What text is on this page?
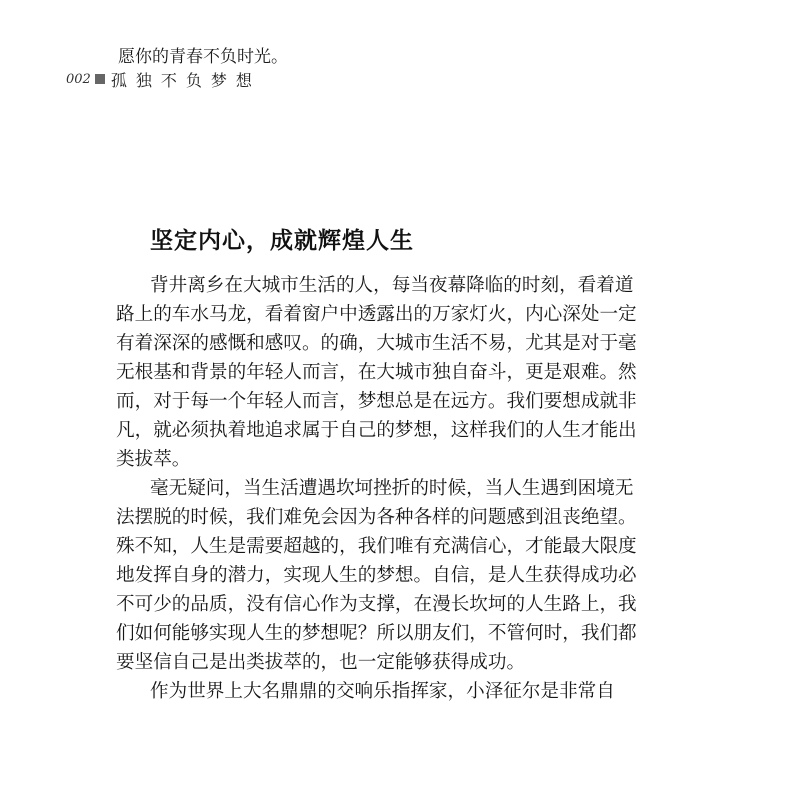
愿你的青春不负时光。
002 孤独不负梦想
坚定内心，成就辉煌人生
背井离乡在大城市生活的人，每当夜幕降临的时刻，看着道
路上的车水马龙，看着窗户中透露出的万家灯火，内心深处一定
有着深深的感慨和感叹。的确，大城市生活不易，尤其是对于毫
无根基和背景的年轻人而言，在大城市独自奋斗，更是艰难。然
而，对于每一个年轻人而言，梦想总是在远方。我们要想成就非
凡，就必须执着地追求属于自己的梦想，这样我们的人生才能出
类拔萃。
毫无疑问，当生活遭遇坎坷挫折的时候，当人生遇到困境无
法摆脱的时候，我们难免会因为各种各样的问题感到沮丧绝望。
殊不知，人生是需要超越的，我们唯有充满信心，才能最大限度
地发挥自身的潜力，实现人生的梦想。自信，是人生获得成功必
不可少的品质，没有信心作为支撑，在漫长坎坷的人生路上，我
们如何能够实现人生的梦想呢？所以朋友们，不管何时，我们都
要坚信自己是出类拔萃的，也一定能够获得成功。
作为世界上大名鼎鼎的交响乐指挥家，小泽征尔是非常自
